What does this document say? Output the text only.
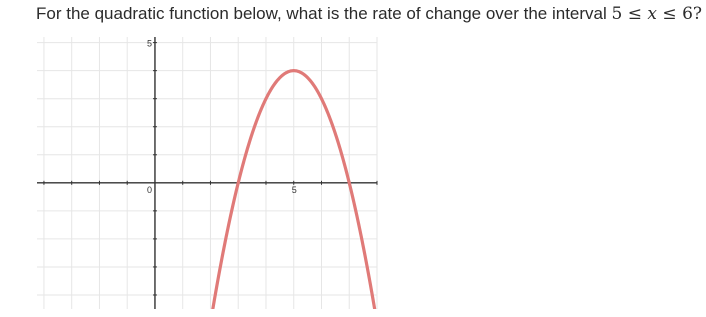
For the quadratic function below, what is the rate of change over the interval 5 ≤ x ≤ 6?
0	5
5
